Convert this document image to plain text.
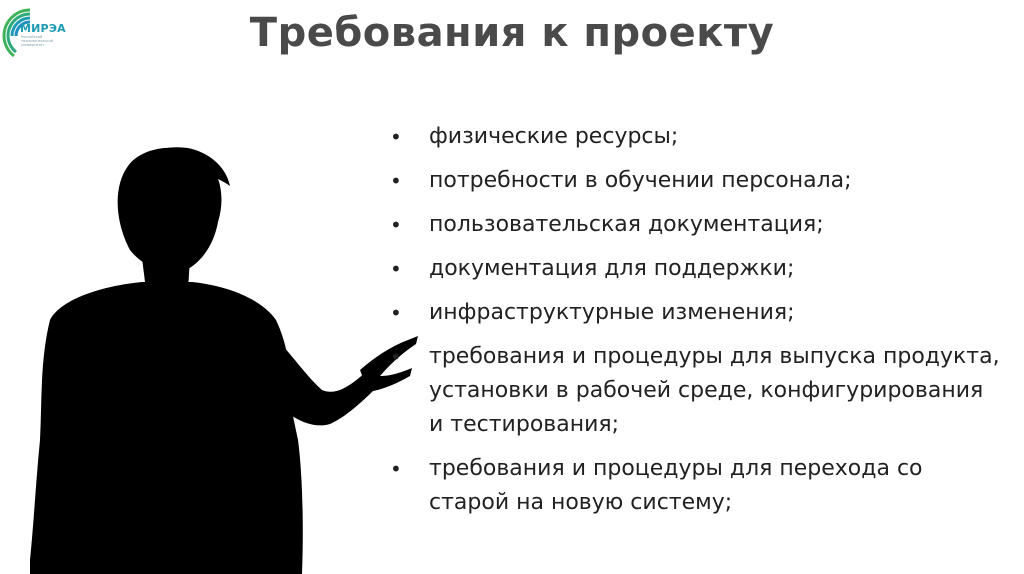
МИРЭА
Российский технологический университет	Требования к проекту
• физические ресурсы;
• потребности в обучении персонала;
• пользовательская документация;
• документация для поддержки;
• инфраструктурные изменения;
• требования и процедуры для выпуска продукта, установки в рабочей среде, конфигурирования и тестирования;
• требования и процедуры для перехода со старой на новую систему;
